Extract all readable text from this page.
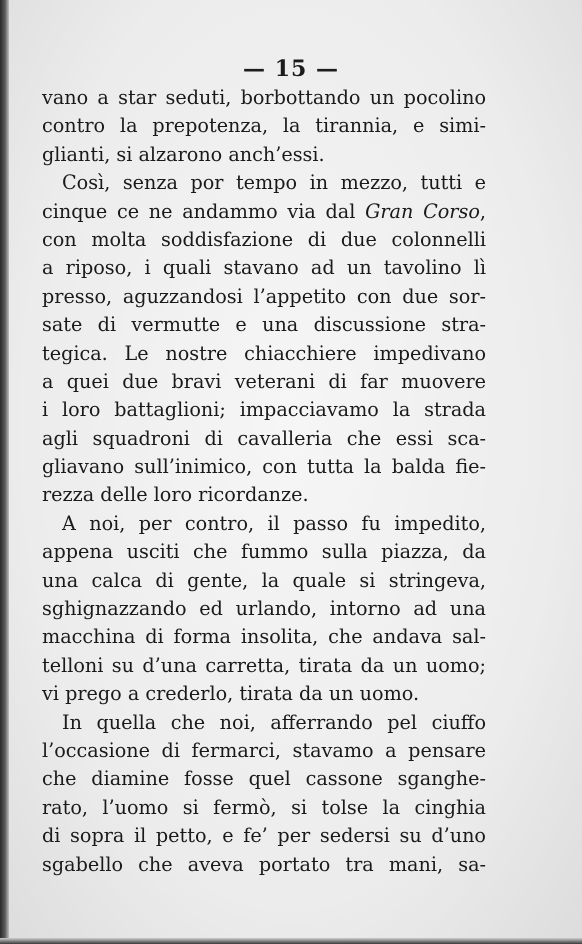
— 15 —
vano a star seduti, borbottando un pocolino
contro la prepotenza, la tirannia, e simi-
glianti, si alzarono anch’essi.
Così, senza por tempo in mezzo, tutti e
cinque ce ne andammo via dal Gran Corso,
con molta soddisfazione di due colonnelli
a riposo, i quali stavano ad un tavolino lì
presso, aguzzandosi l’appetito con due sor-
sate di vermutte e una discussione stra-
tegica. Le nostre chiacchiere impedivano
a quei due bravi veterani di far muovere
i loro battaglioni; impacciavamo la strada
agli squadroni di cavalleria che essi sca-
gliavano sull’inimico, con tutta la balda fie-
rezza delle loro ricordanze.
A noi, per contro, il passo fu impedito,
appena usciti che fummo sulla piazza, da
una calca di gente, la quale si stringeva,
sghignazzando ed urlando, intorno ad una
macchina di forma insolita, che andava sal-
telloni su d’una carretta, tirata da un uomo;
vi prego a crederlo, tirata da un uomo.
In quella che noi, afferrando pel ciuffo
l’occasione di fermarci, stavamo a pensare
che diamine fosse quel cassone sganghe-
rato, l’uomo si fermò, si tolse la cinghia
di sopra il petto, e fe’ per sedersi su d’uno
sgabello che aveva portato tra mani, sa-
